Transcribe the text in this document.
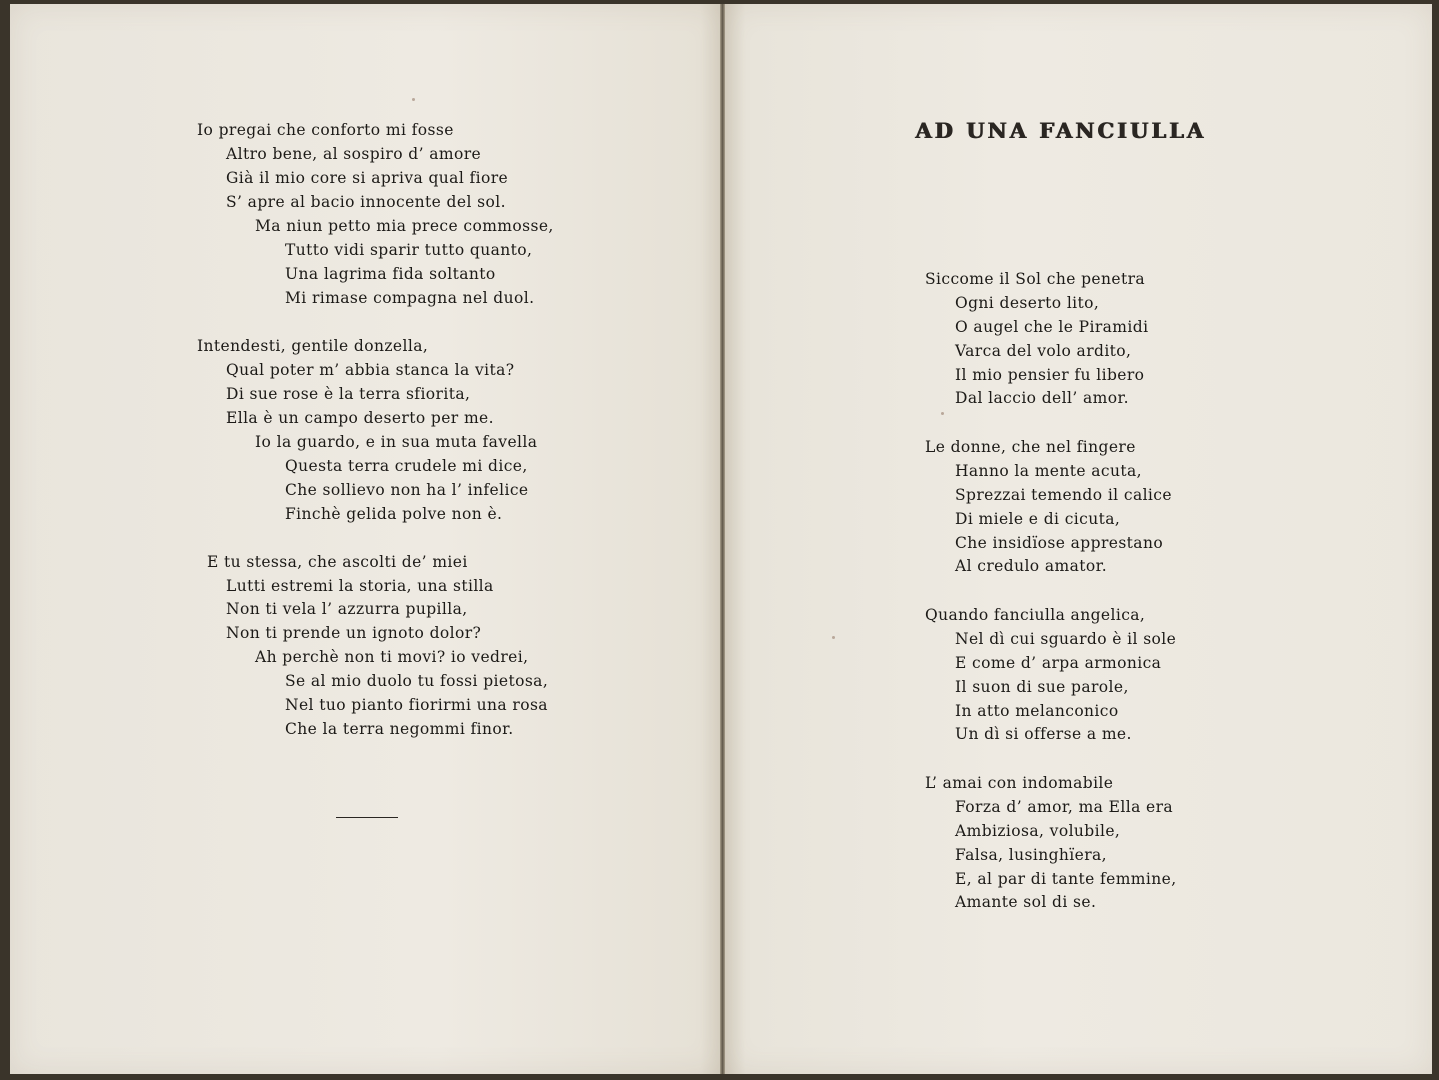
Io pregai che conforto mi fosse
Altro bene, al sospiro d’ amore
Già il mio core si apriva qual fiore
S’ apre al bacio innocente del sol.
Ma niun petto mia prece commosse,
Tutto vidi sparir tutto quanto,
Una lagrima fida soltanto
Mi rimase compagna nel duol.
Intendesti, gentile donzella,
Qual poter m’ abbia stanca la vita?
Di sue rose è la terra sfiorita,
Ella è un campo deserto per me.
Io la guardo, e in sua muta favella
Questa terra crudele mi dice,
Che sollievo non ha l’ infelice
Finchè gelida polve non è.
E tu stessa, che ascolti de’ miei
Lutti estremi la storia, una stilla
Non ti vela l’ azzurra pupilla,
Non ti prende un ignoto dolor?
Ah perchè non ti movi? io vedrei,
Se al mio duolo tu fossi pietosa,
Nel tuo pianto fiorirmi una rosa
Che la terra negommi finor.
AD UNA FANCIULLA
Siccome il Sol che penetra
Ogni deserto lito,
O augel che le Piramidi
Varca del volo ardito,
Il mio pensier fu libero
Dal laccio dell’ amor.
Le donne, che nel fingere
Hanno la mente acuta,
Sprezzai temendo il calice
Di miele e di cicuta,
Che insidïose apprestano
Al credulo amator.
Quando fanciulla angelica,
Nel dì cui sguardo è il sole
E come d’ arpa armonica
Il suon di sue parole,
In atto melanconico
Un dì si offerse a me.
L’ amai con indomabile
Forza d’ amor, ma Ella era
Ambiziosa, volubile,
Falsa, lusinghïera,
E, al par di tante femmine,
Amante sol di se.
